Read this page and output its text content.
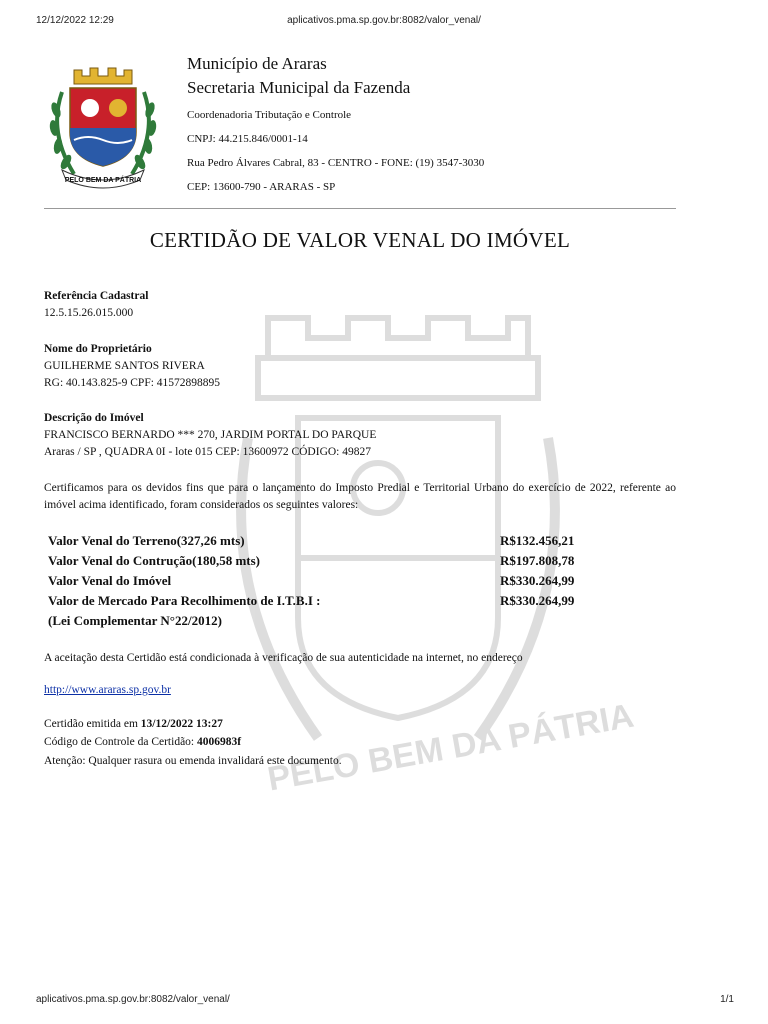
12/12/2022 12:29	aplicativos.pma.sp.gov.br:8082/valor_venal/
PELO BEM DA PÁTRIA
PELO BEM DA PÁTRIA
Município de Araras
Secretaria Municipal da Fazenda
Coordenadoria Tributação e Controle
CNPJ: 44.215.846/0001-14
Rua Pedro Álvares Cabral, 83 - CENTRO - FONE: (19) 3547-3030
CEP: 13600-790 - ARARAS - SP
CERTIDÃO DE VALOR VENAL DO IMÓVEL
Referência Cadastral
12.5.15.26.015.000
Nome do Proprietário
GUILHERME SANTOS RIVERA
RG: 40.143.825-9 CPF: 41572898895
Descrição do Imóvel
FRANCISCO BERNARDO *** 270, JARDIM PORTAL DO PARQUE
Araras / SP , QUADRA 0I - lote 015 CEP: 13600972 CÓDIGO: 49827
Certificamos para os devidos fins que para o lançamento do Imposto Predial e Territorial Urbano do exercício de 2022, referente ao imóvel acima identificado, foram considerados os seguintes valores:
Valor Venal do Terreno(327,26 mts)	R$132.456,21
Valor Venal do Contrução(180,58 mts)	R$197.808,78
Valor Venal do Imóvel	R$330.264,99
Valor de Mercado Para Recolhimento de I.T.B.I :	R$330.264,99
(Lei Complementar N°22/2012)
A aceitação desta Certidão está condicionada à verificação de sua autenticidade na internet, no endereço
http://www.araras.sp.gov.br
Certidão emitida em 13/12/2022 13:27
Código de Controle da Certidão: 4006983f
Atenção: Qualquer rasura ou emenda invalidará este documento.
aplicativos.pma.sp.gov.br:8082/valor_venal/	1/1
